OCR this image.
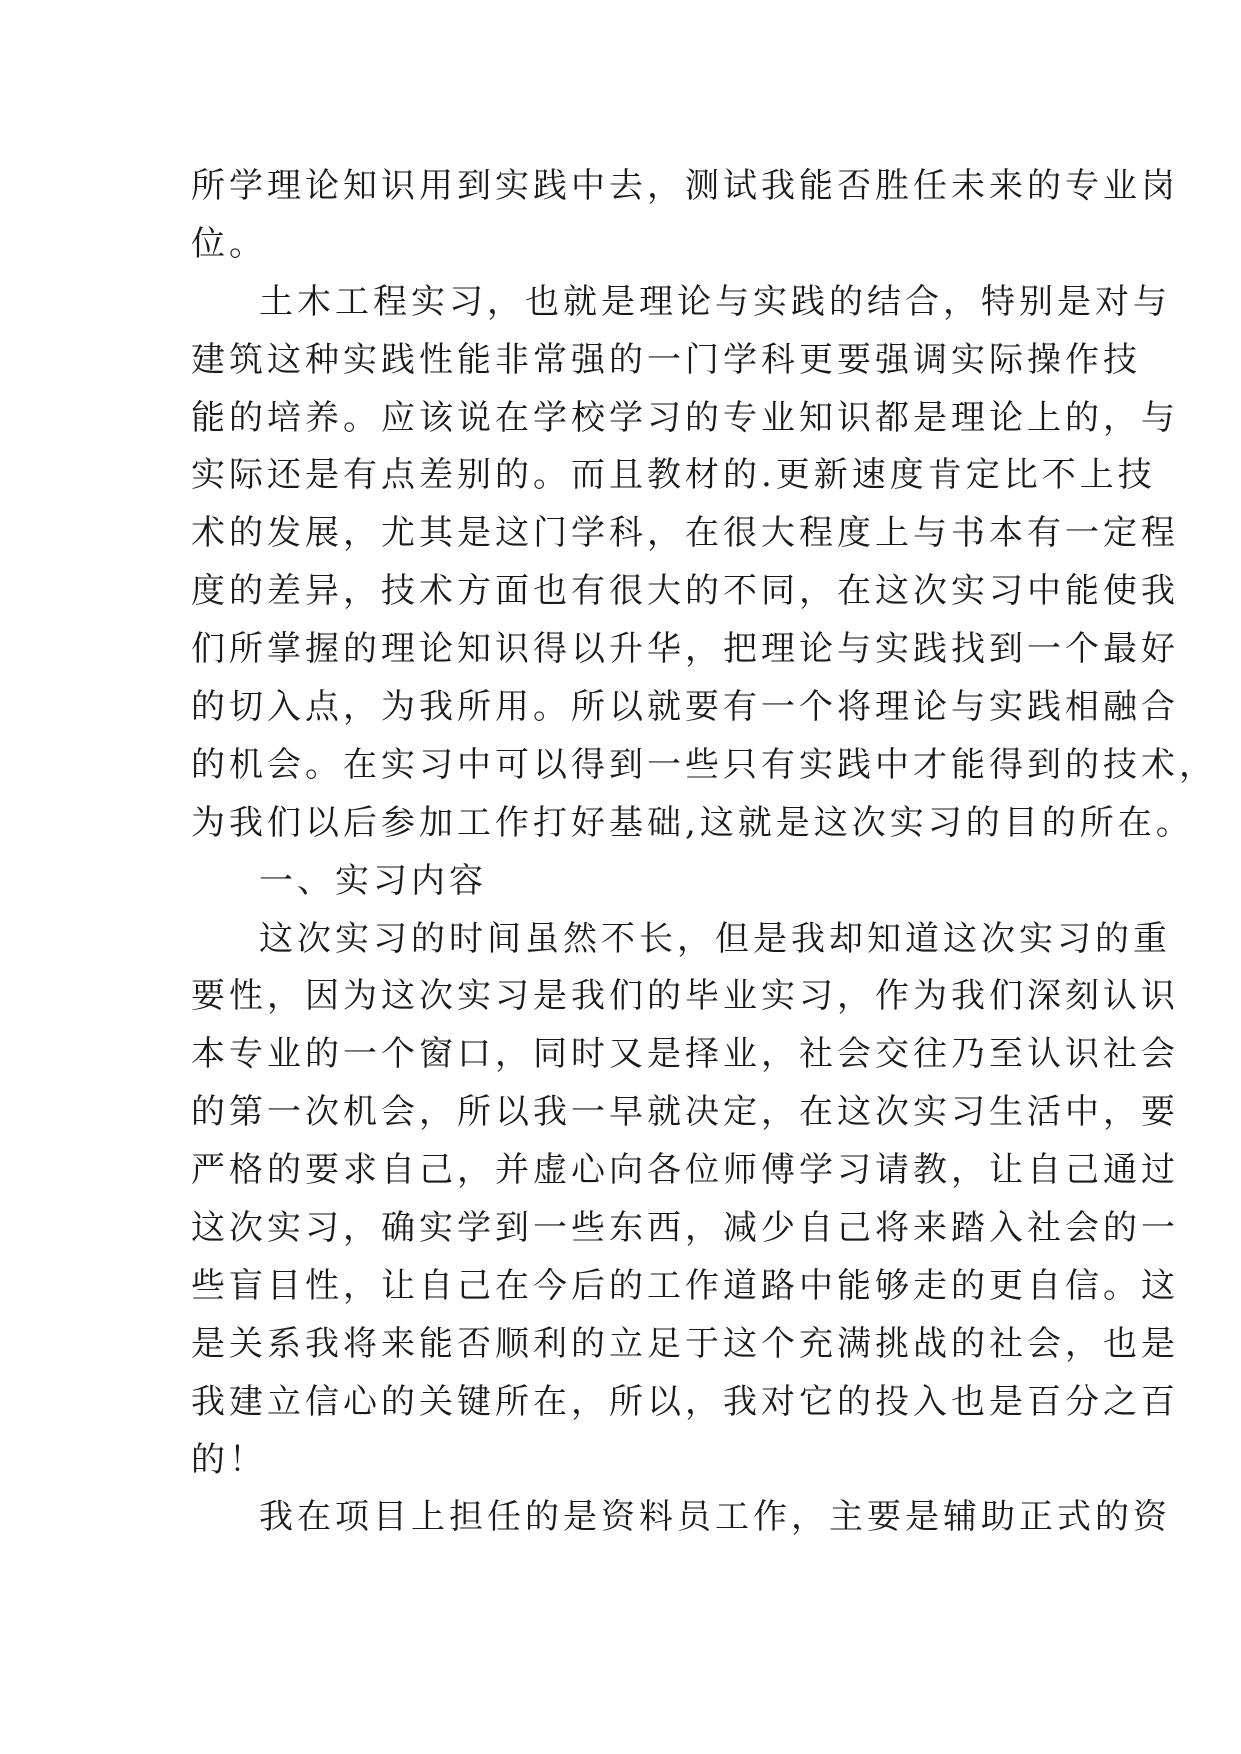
所学理论知识用到实践中去，测试我能否胜任未来的专业岗
位。
土木工程实习，也就是理论与实践的结合，特别是对与
建筑这种实践性能非常强的一门学科更要强调实际操作技
能的培养。应该说在学校学习的专业知识都是理论上的，与
实际还是有点差别的。而且教材的.更新速度肯定比不上技
术的发展，尤其是这门学科，在很大程度上与书本有一定程
度的差异，技术方面也有很大的不同，在这次实习中能使我
们所掌握的理论知识得以升华，把理论与实践找到一个最好
的切入点，为我所用。所以就要有一个将理论与实践相融合
的机会。在实习中可以得到一些只有实践中才能得到的技术，
为我们以后参加工作打好基础,这就是这次实习的目的所在。
一、实习内容
这次实习的时间虽然不长，但是我却知道这次实习的重
要性，因为这次实习是我们的毕业实习，作为我们深刻认识
本专业的一个窗口，同时又是择业，社会交往乃至认识社会
的第一次机会，所以我一早就决定，在这次实习生活中，要
严格的要求自己，并虚心向各位师傅学习请教，让自己通过
这次实习，确实学到一些东西，减少自己将来踏入社会的一
些盲目性，让自己在今后的工作道路中能够走的更自信。这
是关系我将来能否顺利的立足于这个充满挑战的社会，也是
我建立信心的关键所在，所以，我对它的投入也是百分之百
的！
我在项目上担任的是资料员工作，主要是辅助正式的资
